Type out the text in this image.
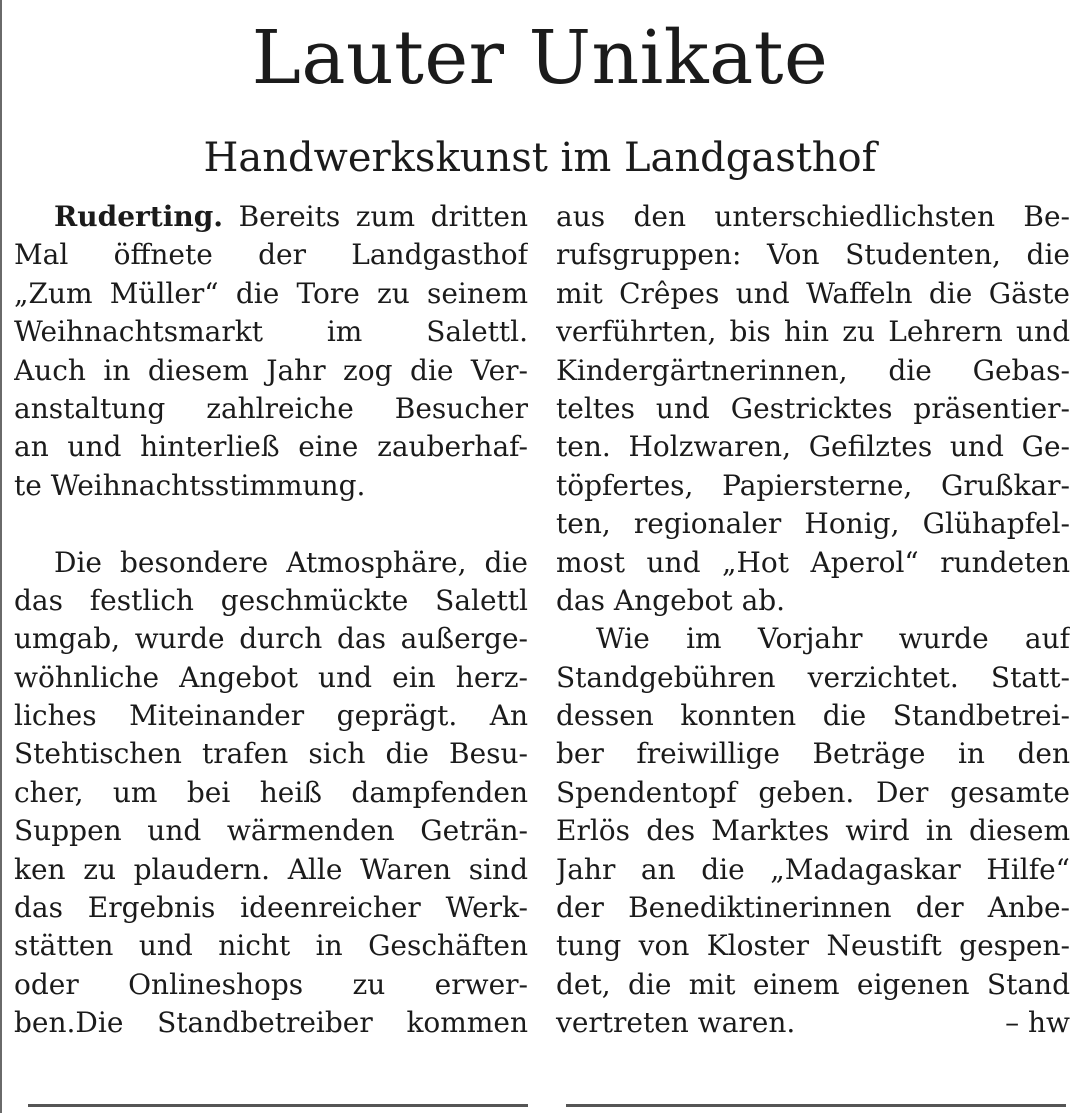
Lauter Unikate
Handwerkskunst im Landgasthof
Ruderting. Bereits zum dritten
Mal öffnete der Landgasthof
„Zum Müller“ die Tore zu seinem
Weihnachtsmarkt im Salettl.
Auch in diesem Jahr zog die Ver-
anstaltung zahlreiche Besucher
an und hinterließ eine zauberhaf-
te Weihnachtsstimmung.
Die besondere Atmosphäre, die
das festlich geschmückte Salettl
umgab, wurde durch das außerge-
wöhnliche Angebot und ein herz-
liches Miteinander geprägt. An
Stehtischen trafen sich die Besu-
cher, um bei heiß dampfenden
Suppen und wärmenden Geträn-
ken zu plaudern. Alle Waren sind
das Ergebnis ideenreicher Werk-
stätten und nicht in Geschäften
oder Onlineshops zu erwer-
ben.Die Standbetreiber kommen
aus den unterschiedlichsten Be-
rufsgruppen: Von Studenten, die
mit Crêpes und Waffeln die Gäste
verführten, bis hin zu Lehrern und
Kindergärtnerinnen, die Gebas-
teltes und Gestricktes präsentier-
ten. Holzwaren, Gefilztes und Ge-
töpfertes, Papiersterne, Grußkar-
ten, regionaler Honig, Glühapfel-
most und „Hot Aperol“ rundeten
das Angebot ab.
Wie im Vorjahr wurde auf
Standgebühren verzichtet. Statt-
dessen konnten die Standbetrei-
ber freiwillige Beträge in den
Spendentopf geben. Der gesamte
Erlös des Marktes wird in diesem
Jahr an die „Madagaskar Hilfe“
der Benediktinerinnen der Anbe-
tung von Kloster Neustift gespen-
det, die mit einem eigenen Stand
vertreten waren.	– hw
